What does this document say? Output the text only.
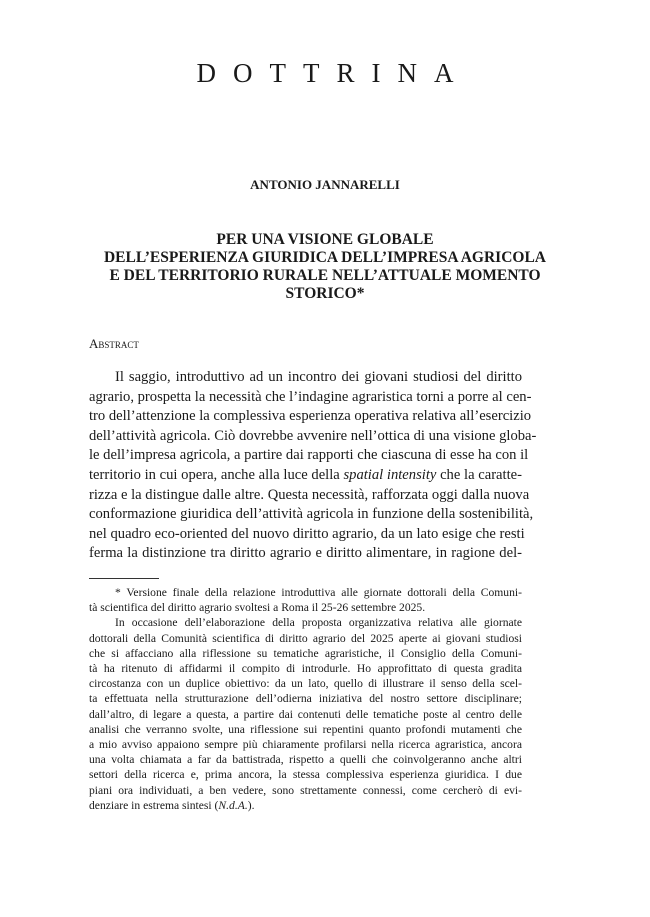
DOTTRINA
ANTONIO JANNARELLI
PER UNA VISIONE GLOBALE
DELL’ESPERIENZA GIURIDICA DELL’IMPRESA AGRICOLA
E DEL TERRITORIO RURALE NELL’ATTUALE MOMENTO
STORICO*
Abstract
Il saggio, introduttivo ad un incontro dei giovani studiosi del diritto
agrario, prospetta la necessità che l’indagine agraristica torni a porre al cen-
tro dell’attenzione la complessiva esperienza operativa relativa all’esercizio
dell’attività agricola. Ciò dovrebbe avvenire nell’ottica di una visione globa-
le dell’impresa agricola, a partire dai rapporti che ciascuna di esse ha con il
territorio in cui opera, anche alla luce della spatial intensity che la caratte-
rizza e la distingue dalle altre. Questa necessità, rafforzata oggi dalla nuova
conformazione giuridica dell’attività agricola in funzione della sostenibilità,
nel quadro eco-oriented del nuovo diritto agrario, da un lato esige che resti
ferma la distinzione tra diritto agrario e diritto alimentare, in ragione del-
* Versione finale della relazione introduttiva alle giornate dottorali della Comuni-
tà scientifica del diritto agrario svoltesi a Roma il 25-26 settembre 2025.
In occasione dell’elaborazione della proposta organizzativa relativa alle giornate
dottorali della Comunità scientifica di diritto agrario del 2025 aperte ai giovani studiosi
che si affacciano alla riflessione su tematiche agraristiche, il Consiglio della Comuni-
tà ha ritenuto di affidarmi il compito di introdurle. Ho approfittato di questa gradita
circostanza con un duplice obiettivo: da un lato, quello di illustrare il senso della scel-
ta effettuata nella strutturazione dell’odierna iniziativa del nostro settore disciplinare;
dall’altro, di legare a questa, a partire dai contenuti delle tematiche poste al centro delle
analisi che verranno svolte, una riflessione sui repentini quanto profondi mutamenti che
a mio avviso appaiono sempre più chiaramente profilarsi nella ricerca agraristica, ancora
una volta chiamata a far da battistrada, rispetto a quelli che coinvolgeranno anche altri
settori della ricerca e, prima ancora, la stessa complessiva esperienza giuridica. I due
piani ora individuati, a ben vedere, sono strettamente connessi, come cercherò di evi-
denziare in estrema sintesi (N.d.A.).
